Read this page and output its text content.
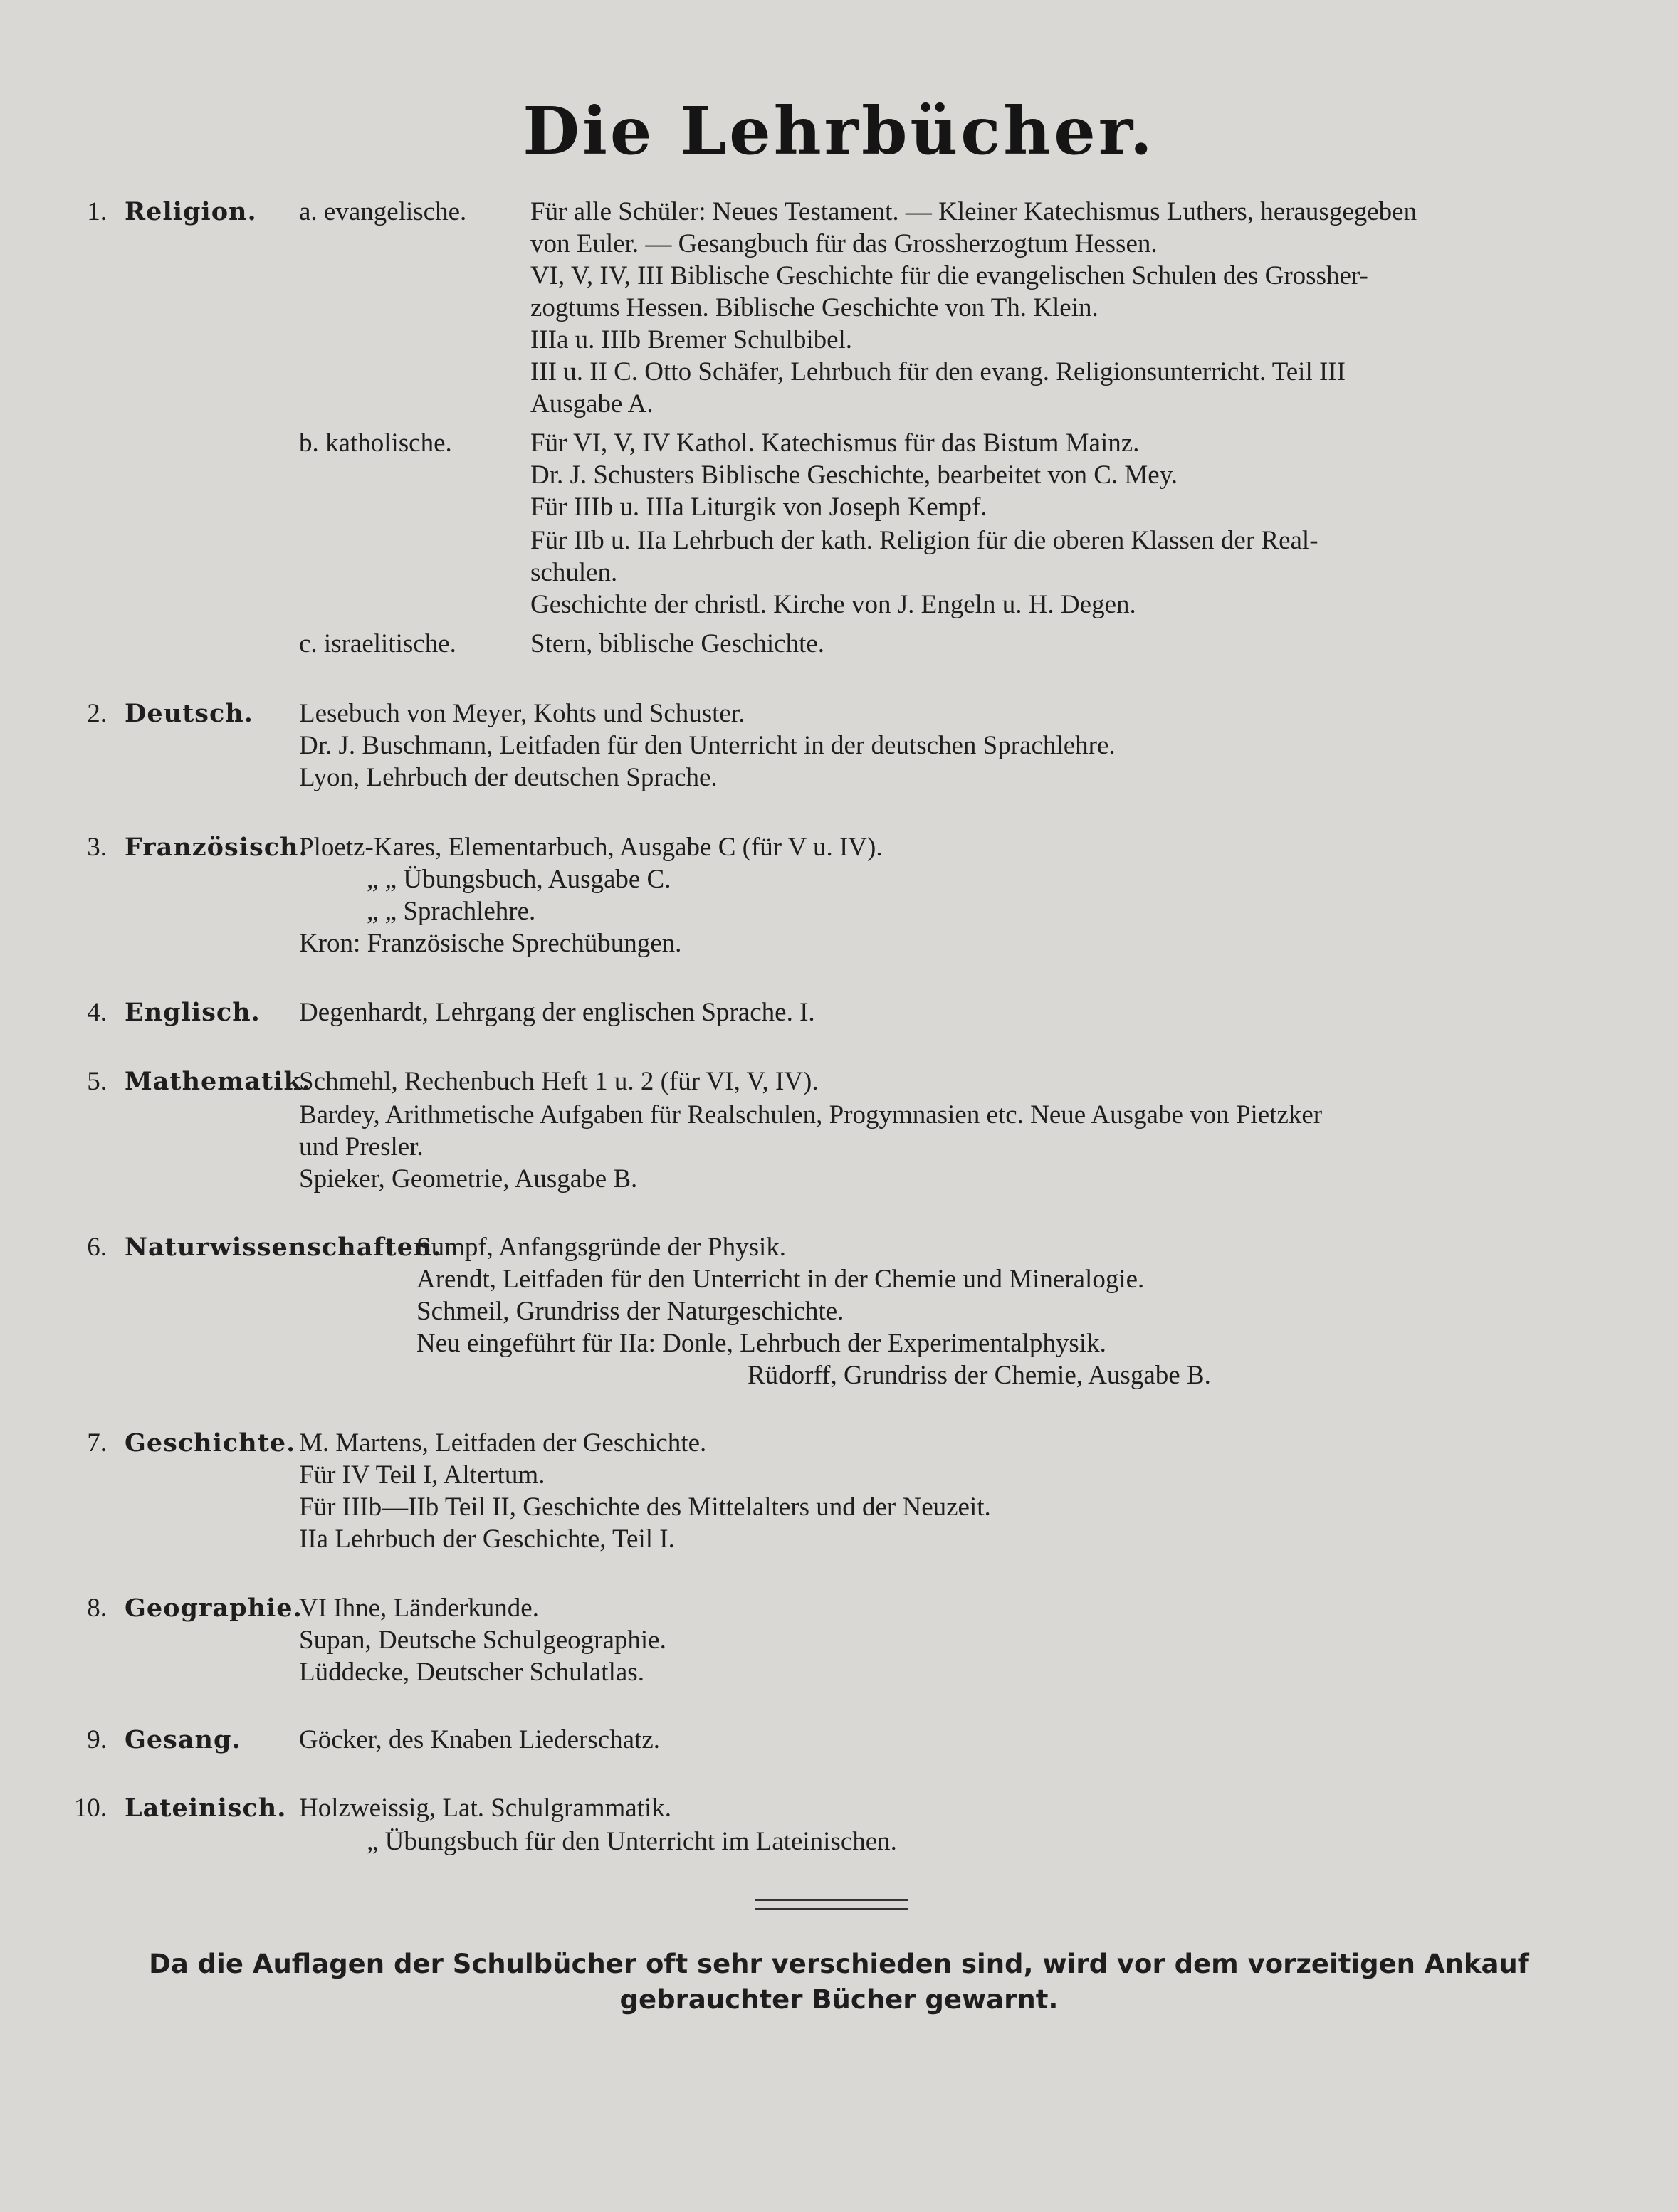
Die Lehrbücher.
1. Religion. a. evangelische. Für alle Schüler: Neues Testament. — Kleiner Katechismus Luthers, herausgegeben
von Euler. — Gesangbuch für das Grossherzogtum Hessen.
VI, V, IV, III Biblische Geschichte für die evangelischen Schulen des Grossher-
zogtums Hessen. Biblische Geschichte von Th. Klein.
IIIa u. IIIb Bremer Schulbibel.
III u. II C. Otto Schäfer, Lehrbuch für den evang. Religionsunterricht. Teil III
Ausgabe A.
b. katholische.	Für VI, V, IV Kathol. Katechismus für das Bistum Mainz.
Dr. J. Schusters Biblische Geschichte, bearbeitet von C. Mey.
Für IIIb u. IIIa Liturgik von Joseph Kempf.
Für IIb u. IIa Lehrbuch der kath. Religion für die oberen Klassen der Real-
schulen.
Geschichte der christl. Kirche von J. Engeln u. H. Degen.
c. israelitische.	Stern, biblische Geschichte.
2. Deutsch. Lesebuch von Meyer, Kohts und Schuster.
Dr. J. Buschmann, Leitfaden für den Unterricht in der deutschen Sprachlehre.
Lyon, Lehrbuch der deutschen Sprache.
3. Französisch.
Ploetz-Kares, Elementarbuch, Ausgabe C (für V u. IV).
„ „ Übungsbuch, Ausgabe C.
„ „ Sprachlehre.
Kron: Französische Sprechübungen.
4. Englisch. Degenhardt, Lehrgang der englischen Sprache. I.
5. Mathematik.
Schmehl, Rechenbuch Heft 1 u. 2 (für VI, V, IV).
Bardey, Arithmetische Aufgaben für Realschulen, Progymnasien etc. Neue Ausgabe von Pietzker
und Presler.
Spieker, Geometrie, Ausgabe B.
6. Naturwissenschaften.
Sumpf, Anfangsgründe der Physik.
Arendt, Leitfaden für den Unterricht in der Chemie und Mineralogie.
Schmeil, Grundriss der Naturgeschichte.
Neu eingeführt für IIa: Donle, Lehrbuch der Experimentalphysik.
Rüdorff, Grundriss der Chemie, Ausgabe B.
7. Geschichte. M. Martens, Leitfaden der Geschichte.
Für IV Teil I, Altertum.
Für IIIb—IIb Teil II, Geschichte des Mittelalters und der Neuzeit.
IIa Lehrbuch der Geschichte, Teil I.
8. Geographie.
VI Ihne, Länderkunde.
Supan, Deutsche Schulgeographie.
Lüddecke, Deutscher Schulatlas.
9. Gesang. Göcker, des Knaben Liederschatz.
10. Lateinisch. Holzweissig, Lat. Schulgrammatik.
„ Übungsbuch für den Unterricht im Lateinischen.
Da die Auflagen der Schulbücher oft sehr verschieden sind, wird vor dem vorzeitigen Ankauf gebrauchter Bücher gewarnt.
